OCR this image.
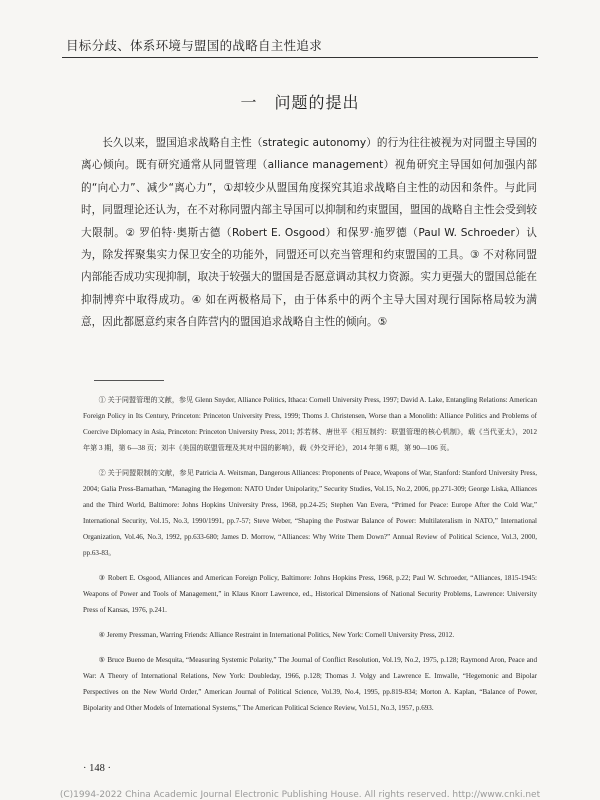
目标分歧、体系环境与盟国的战略自主性追求
一　问题的提出

长久以来，盟国追求战略自主性（strategic autonomy）的行为往往被视为对同盟主导国的离心倾向。既有研究通常从同盟管理（alliance management）视角研究主导国如何加强内部的“向心力”、减少“离心力”，①却较少从盟国角度探究其追求战略自主性的动因和条件。与此同时，同盟理论还认为，在不对称同盟内部主导国可以抑制和约束盟国，盟国的战略自主性会受到较大限制。② 罗伯特·奥斯古德（Robert E. Osgood）和保罗·施罗德（Paul W. Schroeder）认为，除发挥聚集实力保卫安全的功能外，同盟还可以充当管理和约束盟国的工具。③ 不对称同盟内部能否成功实现抑制，取决于较强大的盟国是否愿意调动其权力资源。实力更强大的盟国总能在抑制博弈中取得成功。④ 如在两极格局下，由于体系中的两个主导大国对现行国际格局较为满意，因此都愿意约束各自阵营内的盟国追求战略自主性的倾向。⑤

① 关于同盟管理的文献，参见 Glenn Snyder, Alliance Politics, Ithaca: Cornell University Press, 1997; David A. Lake, Entangling Relations: American Foreign Policy in Its Century, Princeton: Princeton University Press, 1999; Thoms J. Christensen, Worse than a Monolith: Alliance Politics and Problems of Coercive Diplomacy in Asia, Princeton: Princeton University Press, 2011; 苏若林、唐世平《相互制约：联盟管理的核心机制》，载《当代亚太》，2012 年第 3 期，第 6—38 页；刘丰《美国的联盟管理及其对中国的影响》，载《外交评论》，2014 年第 6 期，第 90—106 页。

② 关于同盟限制的文献，参见 Patricia A. Weitsman, Dangerous Alliances: Proponents of Peace, Weapons of War, Stanford: Stanford University Press, 2004; Galia Press-Barnathan, “Managing the Hegemon: NATO Under Unipolarity,” Security Studies, Vol.15, No.2, 2006, pp.271-309; George Liska, Alliances and the Third World, Baltimore: Johns Hopkins University Press, 1968, pp.24-25; Stephen Van Evera, “Primed for Peace: Europe After the Cold War,” International Security, Vol.15, No.3, 1990/1991, pp.7-57; Steve Weber, “Shaping the Postwar Balance of Power: Multilateralism in NATO,” International Organization, Vol.46, No.3, 1992, pp.633-680; James D. Morrow, “Alliances: Why Write Them Down?” Annual Review of Political Science, Vol.3, 2000, pp.63-83。

③ Robert E. Osgood, Alliances and American Foreign Policy, Baltimore: Johns Hopkins Press, 1968, p.22; Paul W. Schroeder, “Alliances, 1815-1945: Weapons of Power and Tools of Management,” in Klaus Knorr Lawrence, ed., Historical Dimensions of National Security Problems, Lawrence: University Press of Kansas, 1976, p.241.

④ Jeremy Pressman, Warring Friends: Alliance Restraint in International Politics, New York: Cornell University Press, 2012.

⑤ Bruce Bueno de Mesquita, “Measuring Systemic Polarity,” The Journal of Conflict Resolution, Vol.19, No.2, 1975, p.128; Raymond Aron, Peace and War: A Theory of International Relations, New York: Doubleday, 1966, p.128; Thomas J. Volgy and Lawrence E. Imwalle, “Hegemonic and Bipolar Perspectives on the New World Order,” American Journal of Political Science, Vol.39, No.4, 1995, pp.819-834; Morton A. Kaplan, “Balance of Power, Bipolarity and Other Models of International Systems,” The American Political Science Review, Vol.51, No.3, 1957, p.693.

· 148 ·
(C)1994-2022 China Academic Journal Electronic Publishing House. All rights reserved. http://www.cnki.net
